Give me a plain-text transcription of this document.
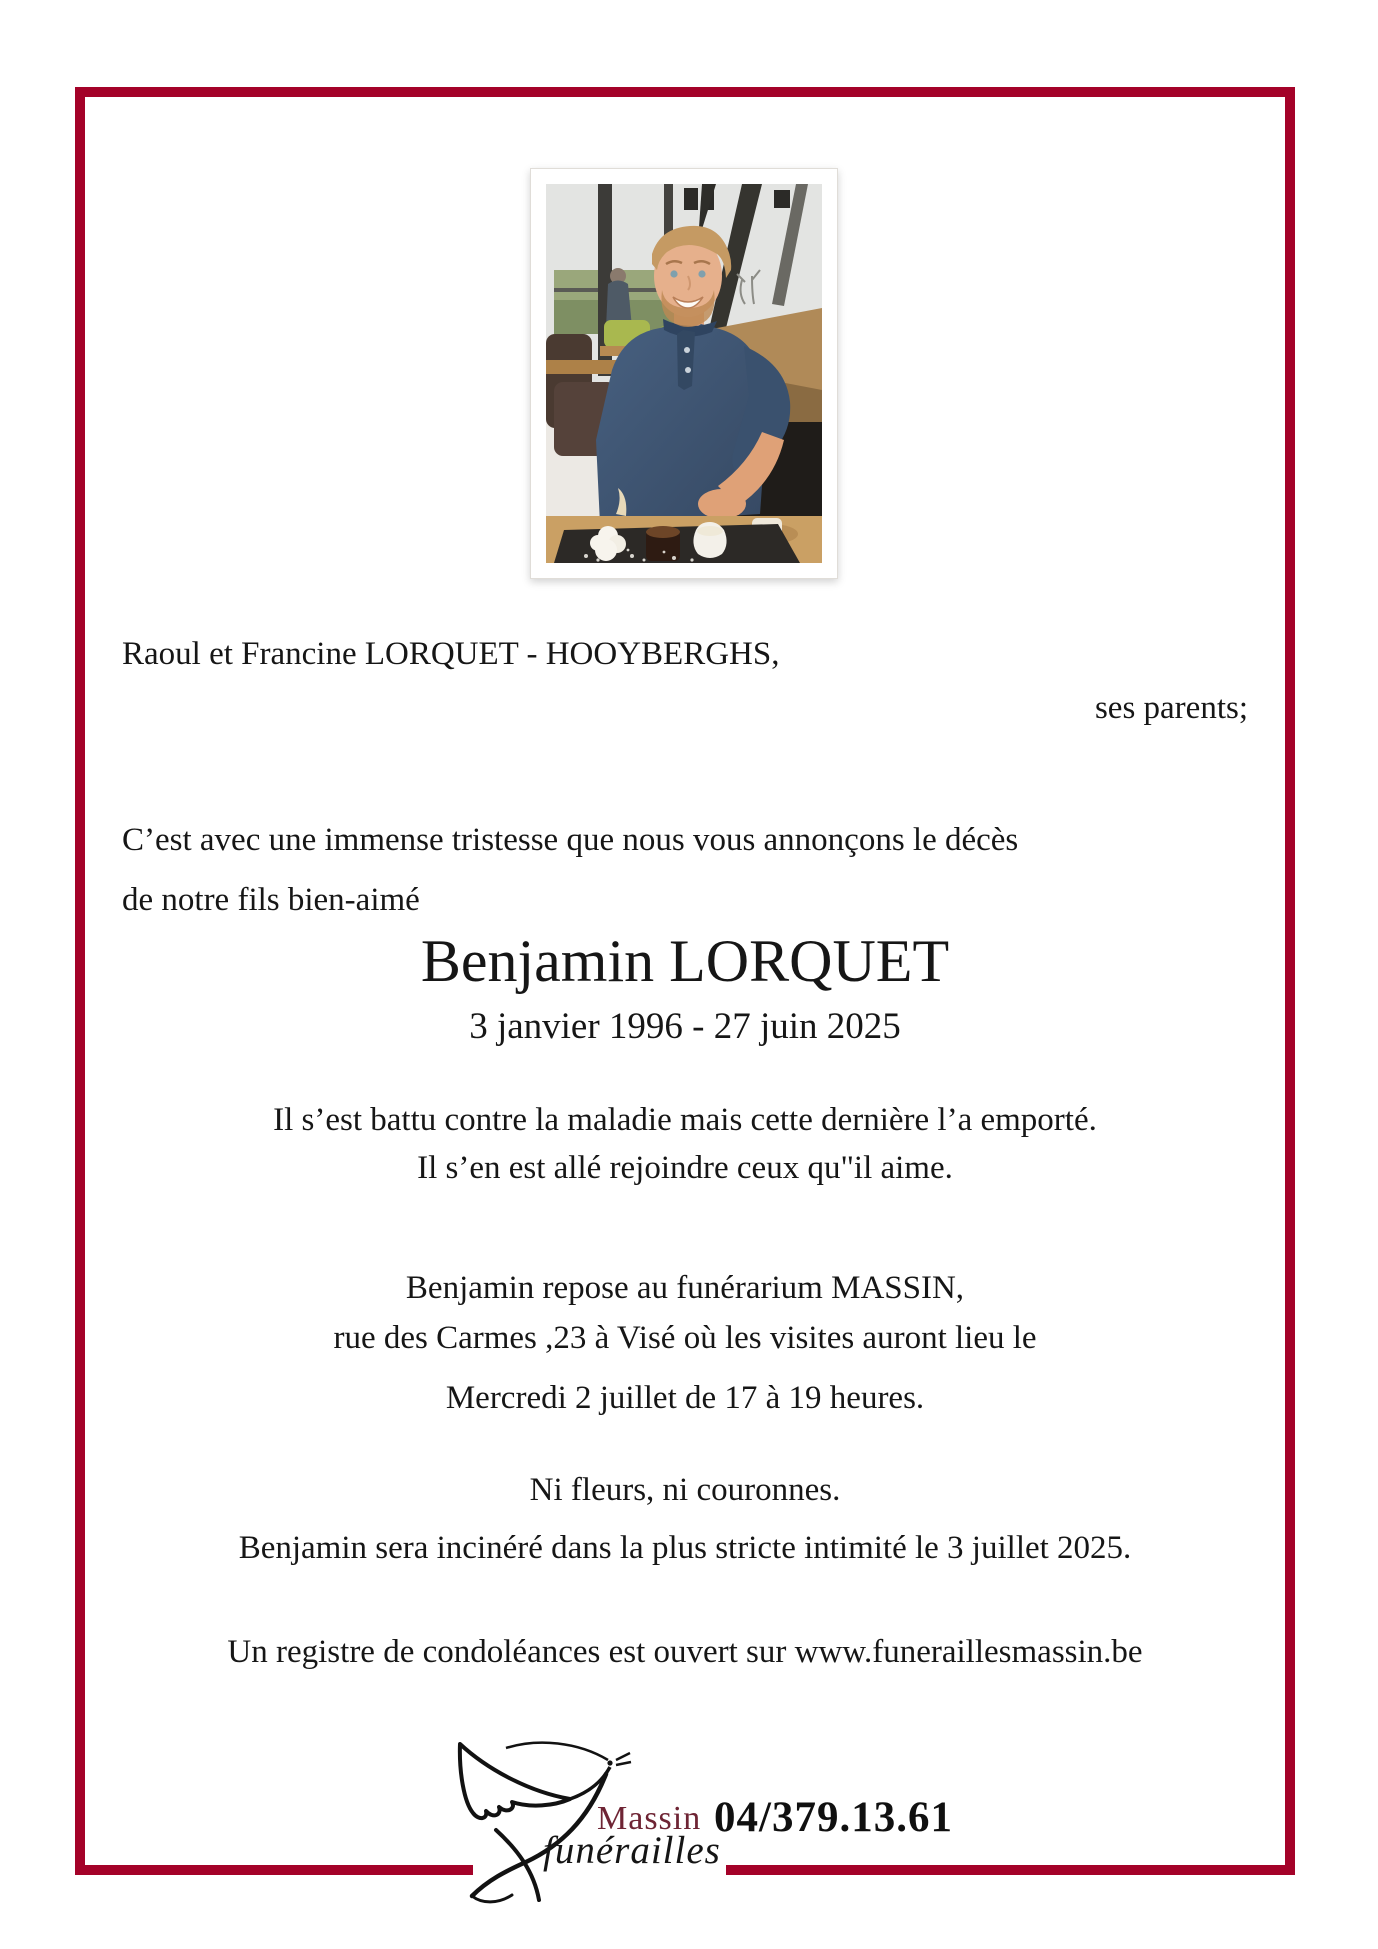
Raoul et Francine LORQUET - HOOYBERGHS,
ses parents;
C’est avec une immense tristesse que nous vous annonçons le décès
de notre fils bien-aimé
Benjamin LORQUET
3 janvier 1996 - 27 juin 2025
Il s’est battu contre la maladie mais cette dernière l’a emporté.
Il s’en est allé rejoindre ceux qu"il aime.
Benjamin repose au funérarium MASSIN,
rue des Carmes ,23 à Visé où les visites auront lieu le
Mercredi 2 juillet de 17 à 19 heures.
Ni fleurs, ni couronnes.
Benjamin sera incinéré dans la plus stricte intimité le 3 juillet 2025.
Un registre de condoléances est ouvert sur www.funeraillesmassin.be
Massin
funérailles
04/379.13.61
